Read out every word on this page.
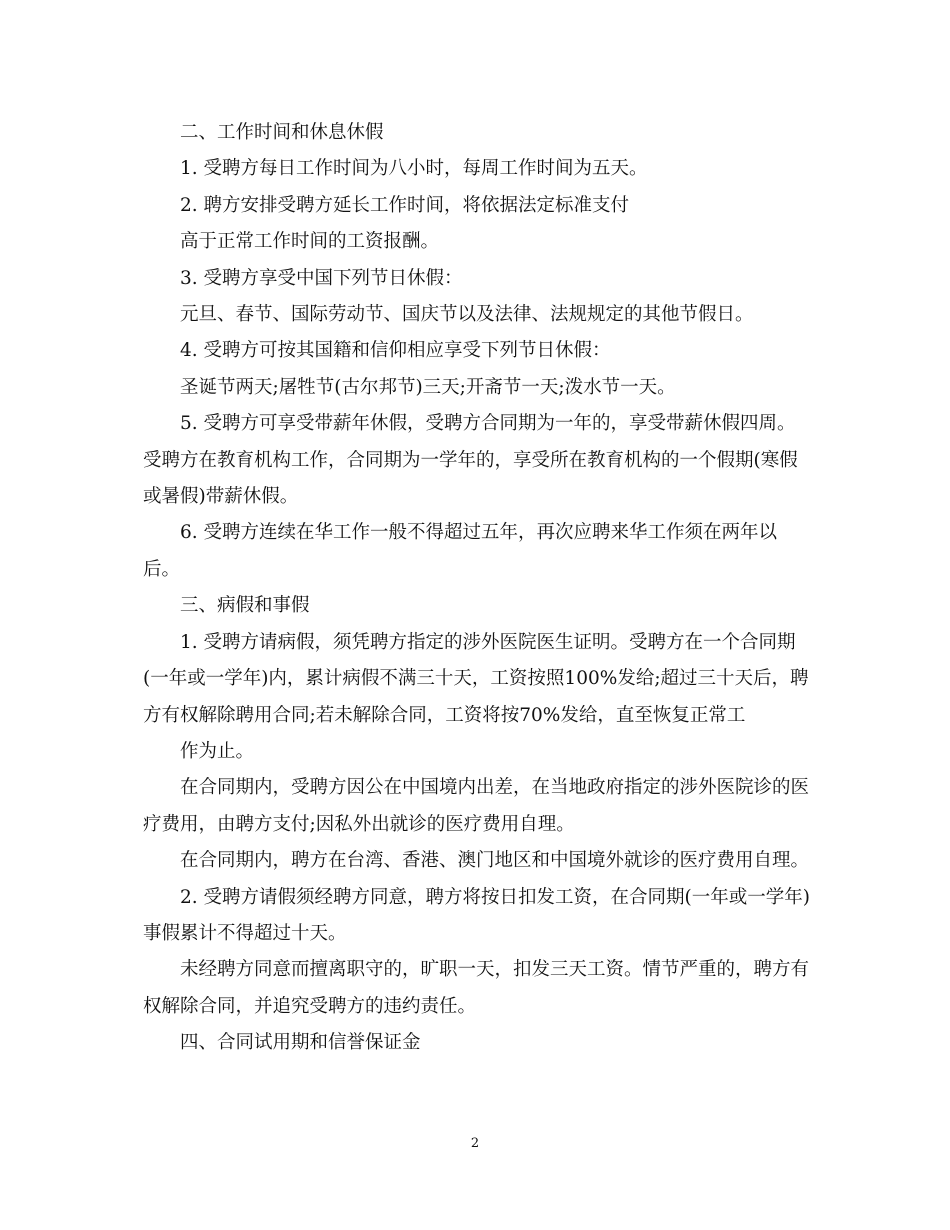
二、工作时间和休息休假

1. 受聘方每日工作时间为八小时，每周工作时间为五天。

2. 聘方安排受聘方延长工作时间，将依据法定标准支付

高于正常工作时间的工资报酬。

3. 受聘方享受中国下列节日休假：

元旦、春节、国际劳动节、国庆节以及法律、法规规定的其他节假日。

4. 受聘方可按其国籍和信仰相应享受下列节日休假：

圣诞节两天;屠牲节(古尔邦节)三天;开斋节一天;泼水节一天。

5. 受聘方可享受带薪年休假，受聘方合同期为一年的，享受带薪休假四周。受聘方在教育机构工作，合同期为一学年的，享受所在教育机构的一个假期(寒假或暑假)带薪休假。

6. 受聘方连续在华工作一般不得超过五年，再次应聘来华工作须在两年以后。

三、病假和事假

1. 受聘方请病假，须凭聘方指定的涉外医院医生证明。受聘方在一个合同期(一年或一学年)内，累计病假不满三十天，工资按照100%发给;超过三十天后，聘方有权解除聘用合同;若未解除合同，工资将按70%发给，直至恢复正常工

作为止。

在合同期内，受聘方因公在中国境内出差，在当地政府指定的涉外医院诊的医疗费用，由聘方支付;因私外出就诊的医疗费用自理。

在合同期内，聘方在台湾、香港、澳门地区和中国境外就诊的医疗费用自理。

2. 受聘方请假须经聘方同意，聘方将按日扣发工资，在合同期(一年或一学年)事假累计不得超过十天。

未经聘方同意而擅离职守的，旷职一天，扣发三天工资。情节严重的，聘方有权解除合同，并追究受聘方的违约责任。

四、合同试用期和信誉保证金

2
